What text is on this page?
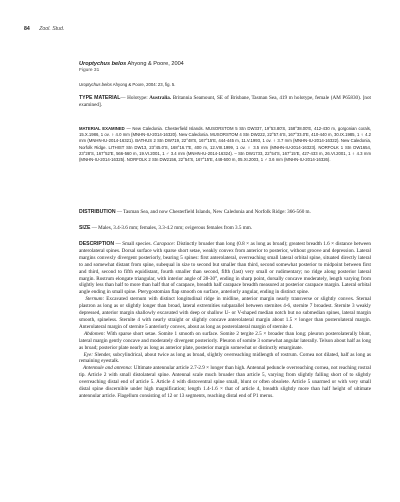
84 Zool. Stud.
Uroptychus belos Ahyong & Poore, 2004
Figure 31

Uroptychus belos Ahyong & Poore, 2004: 23, fig. 5.

TYPE MATERIAL— Holotype: Australia. Britannia Seamount, SE of Brisbane, Tasman Sea, 419 m holotype, female (AM P65830). [not examined].

MATERIAL EXAMINED — New Caledonia. Chesterfield Islands. MUSORSTOM 5 Stn DW337, 19°53.80'S, 158°38.00'E, 412-430 m, gorgonian corals, 15.X.1986, 1 ov. ♀ 4.0 mm (MNHN-IU-2014-16320). New Caledonia. MUSORSTOM 4 Stn DW222, 22°57.6'S, 167°33.0'E, 410-440 m, 30.IX.1985, 1 ♀ 4.2 mm (MNHN-IU-2014-16321). BATHUS 2 Stn DW719, 22°48'S, 167°15'E, 444-445 m, 11.V.1993, 1 ov. ♀ 3.7 mm (MNHN-IU-2014-16322). New Caledonia, Norfolk Ridge. LITHIST Stn DW13, 23°45.0'S, 168°16.7'E, 400 m, 12.VIII.1999, 1 ov. ♀ 3.5 mm (MNHN-IU-2014-16323). NORFOLK 1 Stn DW1654, 23°28'S, 167°52'E, 566-560 m, 19.VI.2001, 1 ♂ 3.4 mm (MNHN-IU-2014-16324). – Stn DW1733, 22°54'S, 167°15'E, 427-433 m, 26.VI.2001, 1 ♀ 4.3 mm (MNHN-IU-2014-16325). NORFOLK 2 Stn DW2156, 22°54'S, 167°15'E, 448-500 m, 05.XI.2003, 1 ♂ 3.6 mm (MNHN-IU-2014-16326).

DISTRIBUTION — Tasman Sea, and now Chesterfield Islands, New Caledonia and Norfolk Ridge: 366-560 m.

SIZE — Males, 3.4-3.6 mm; females, 3.3-4.2 mm; ovigerous females from 3.5 mm.

DESCRIPTION — Small species. Carapace: Distinctly broader than long (0.8 × as long as broad); greatest breadth 1.6 × distance between anterolateral spines. Dorsal surface with sparse short setae, weakly convex from anterior to posterior, without groove and depression. Lateral margins convexly divergent posteriorly, bearing 5 spines: first anterolateral, overreaching small lateral orbital spine, situated directly lateral to and somewhat distant from spine, subequal in size to second but smaller than third, second somewhat posterior to midpoint between first and third, second to fifth equidistant, fourth smaller than second, fifth (last) very small or rudimentary; no ridge along posterior lateral margin. Rostrum elongate triangular, with interior angle of 28-30°, ending in sharp point, dorsally concave moderately, length varying from slightly less than half to more than half that of carapace, breadth half carapace breadth measured at posterior carapace margin. Lateral orbital angle ending in small spine. Pterygostomian flap smooth on surface, anteriorly angular, ending in distinct spine.
Sternum: Excavated sternum with distinct longitudinal ridge in midline, anterior margin nearly transverse or slightly convex. Sternal plastron as long as or slightly longer than broad, lateral extremities subparallel between sternites 4-6, sternite 7 broadest. Sternite 3 weakly depressed, anterior margin shallowly excavated with deep or shallow U- or V-shaped median notch but no submedian spines, lateral margin smooth, spineless. Sternite 4 with nearly straight or slightly concave anterolateral margin about 1.5 × longer than posterolateral margin. Anterolateral margin of sternite 5 anteriorly convex, about as long as posterolateral margin of sternite 4.
Abdomen: With sparse short setae. Somite 1 smooth on surface. Somite 2 tergite 2.5 × broader than long; pleuron posterolaterally blunt, lateral margin gently concave and moderately divergent posteriorly. Pleuron of somite 3 somewhat angular laterally. Telson about half as long as broad; posterior plate nearly as long as anterior plate, posterior margin somewhat or distinctly emarginate.
Eye: Slender, subcylindrical, about twice as long as broad, slightly overreaching midlength of rostrum. Cornea not dilated, half as long as remaining eyestalk.
Antennule and antenna: Ultimate antennular article 2.7-2.9 × longer than high. Antennal peduncle overreaching cornea, not reaching rostral tip. Article 2 with small distolateral spine. Antennal scale much broader than article 5, varying from slightly falling short of to slightly overreaching distal end of article 5. Article 4 with distoventral spine small, blunt or often obsolete. Article 5 unarmed or with very small distal spine discernible under high magnification; length 1.4-1.6 × that of article 4, breadth slightly more than half height of ultimate antennular article. Flagellum consisting of 12 or 13 segments, reaching distal end of P1 merus.
